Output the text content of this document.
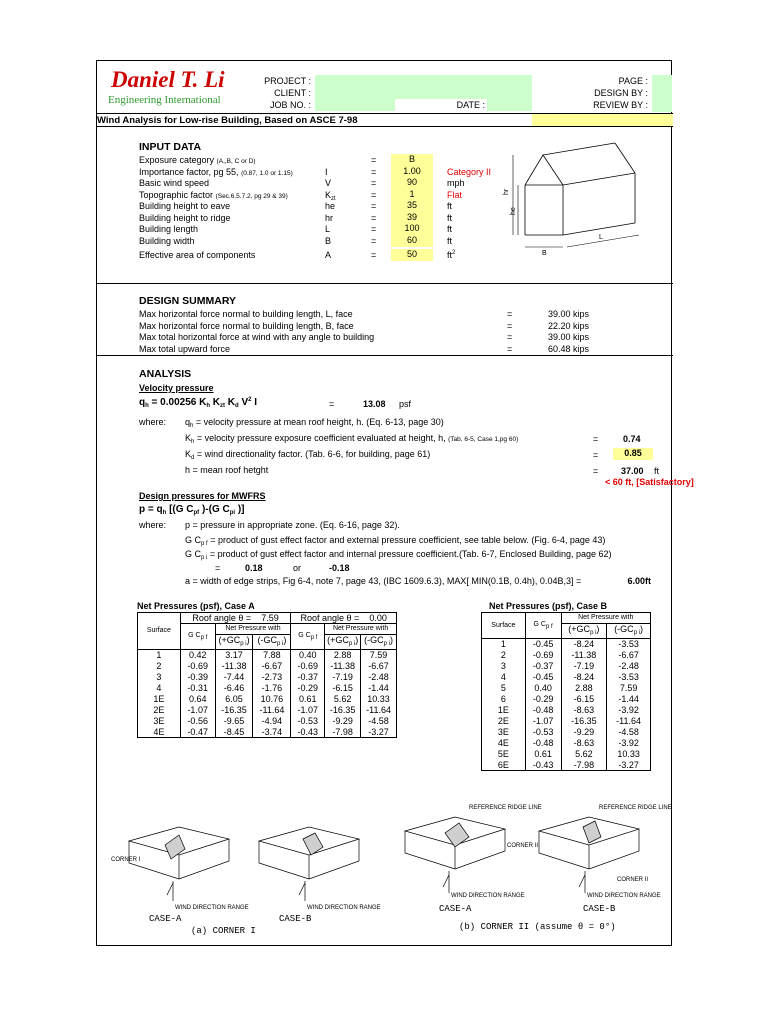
Daniel T. Li
Engineering International
PROJECT :
CLIENT :
JOB NO. :	DATE :
PAGE :
DESIGN BY :
REVIEW BY :
Wind Analysis for Low-rise Building, Based on ASCE 7-98
INPUT DATA
Exposure category (A,,B, C or D)	=	B
Importance factor, pg 55, (0.87, 1.0 or 1.15)	I	=	1.00	Category II
Basic wind speed	V	=	90	mph
Topographic factor (Sec.6.5.7.2, pg 29 & 39)	$K_{zt}$	=	1	Flat
Building height to eave	he	=	35	ft
Building height to ridge	hr	=	39	ft
Building length	L	=	100	ft
Building width	B	=	60	ft
Effective area of components	A	=	50	$ft^2$
hr
he
B
L
DESIGN SUMMARY
Max horizontal force normal to building length, L, face	=	39.00 kips
Max horizontal force normal to building length, B, face	=	22.20 kips
Max total horizontal force at wind with any angle to building	=	39.00 kips
Max total upward force	=	60.48 kips
ANALYSIS
Velocity pressure
$q_h = 0.00256$ $K_h$ $K_{zt}$ $K_d$ $V^2$ I	=	13.08 psf
where: $q_h$ = velocity pressure at mean roof height, h. (Eq. 6-13, page 30)
$K_h$ = velocity pressure exposure coefficient evaluated at height, h, (Tab. 6-5, Case 1,pg 60)	=	0.74
$K_d$ = wind directionality factor. (Tab. 6-6, for building, page 61)	=	0.85
h = mean roof hetght	=	37.00 ft
< 60 ft, [Satisfactory]
Design pressures for MWFRS
$p = q_h$ [(G $C_{pf}$ )-(G $C_{pi}$ )]
where: p = pressure in appropriate zone. (Eq. 6-16, page 32).
G $C_{p f}$ = product of gust effect factor and external pressure coefficient, see table below. (Fig. 6-4, page 43)
G $C_{p i}$ = product of gust effect factor and internal pressure coefficient.(Tab. 6-7, Enclosed Building, page 62)
=	0.18	or	-0.18
a = width of edge strips, Fig 6-4, note 7, page 43, (IBC 1609.6.3), MAX[ MIN(0.1B, 0.4h), 0.04B,3] =	6.00 ft
Net Pressures (psf), Case A
Surface	Roof angle θ = 7.59			Roof angle θ = 0.00		
	G Cp f	Net Pressure with		G Cp f	Net Pressure with	
		$(+GC_{p i})$	$(-GC_{p i})$		$(+GC_{p i})$	$(-GC_{p i})$
1	0.42	3.17	7.88	0.40	2.88	7.59
2	-0.69	-11.38	-6.67	-0.69	-11.38	-6.67
3	-0.39	-7.44	-2.73	-0.37	-7.19	-2.48
4	-0.31	-6.46	-1.76	-0.29	-6.15	-1.44
1E	0.64	6.05	10.76	0.61	5.62	10.33
2E	-1.07	-16.35	-11.64	-1.07	-16.35	-11.64
3E	-0.56	-9.65	-4.94	-0.53	-9.29	-4.58
4E	-0.47	-8.45	-3.74	-0.43	-7.98	-3.27
Net Pressures (psf), Case B
Surface	G Cp f	Net Pressure with	
		$(+GC_{p i})$	$(-GC_{p i})$
1	-0.45	-8.24	-3.53
2	-0.69	-11.38	-6.67
3	-0.37	-7.19	-2.48
4	-0.45	-8.24	-3.53
5	0.40	2.88	7.59
6	-0.29	-6.15	-1.44
1E	-0.48	-8.63	-3.92
2E	-1.07	-16.35	-11.64
3E	-0.53	-9.29	-4.58
4E	-0.48	-8.63	-3.92
5E	0.61	5.62	10.33
6E	-0.43	-7.98	-3.27
CORNER I
WIND DIRECTION RANGE	WIND DIRECTION RANGE
WIND DIRECTION RANGE	WIND DIRECTION RANGE
REFERENCE RIDGE LINE	REFERENCE RIDGE LINE
CORNER II
CORNER II
CASE-A	CASE-B
(a) CORNER I
CASE-A	CASE-B
(b) CORNER II (assume θ = 0°)
